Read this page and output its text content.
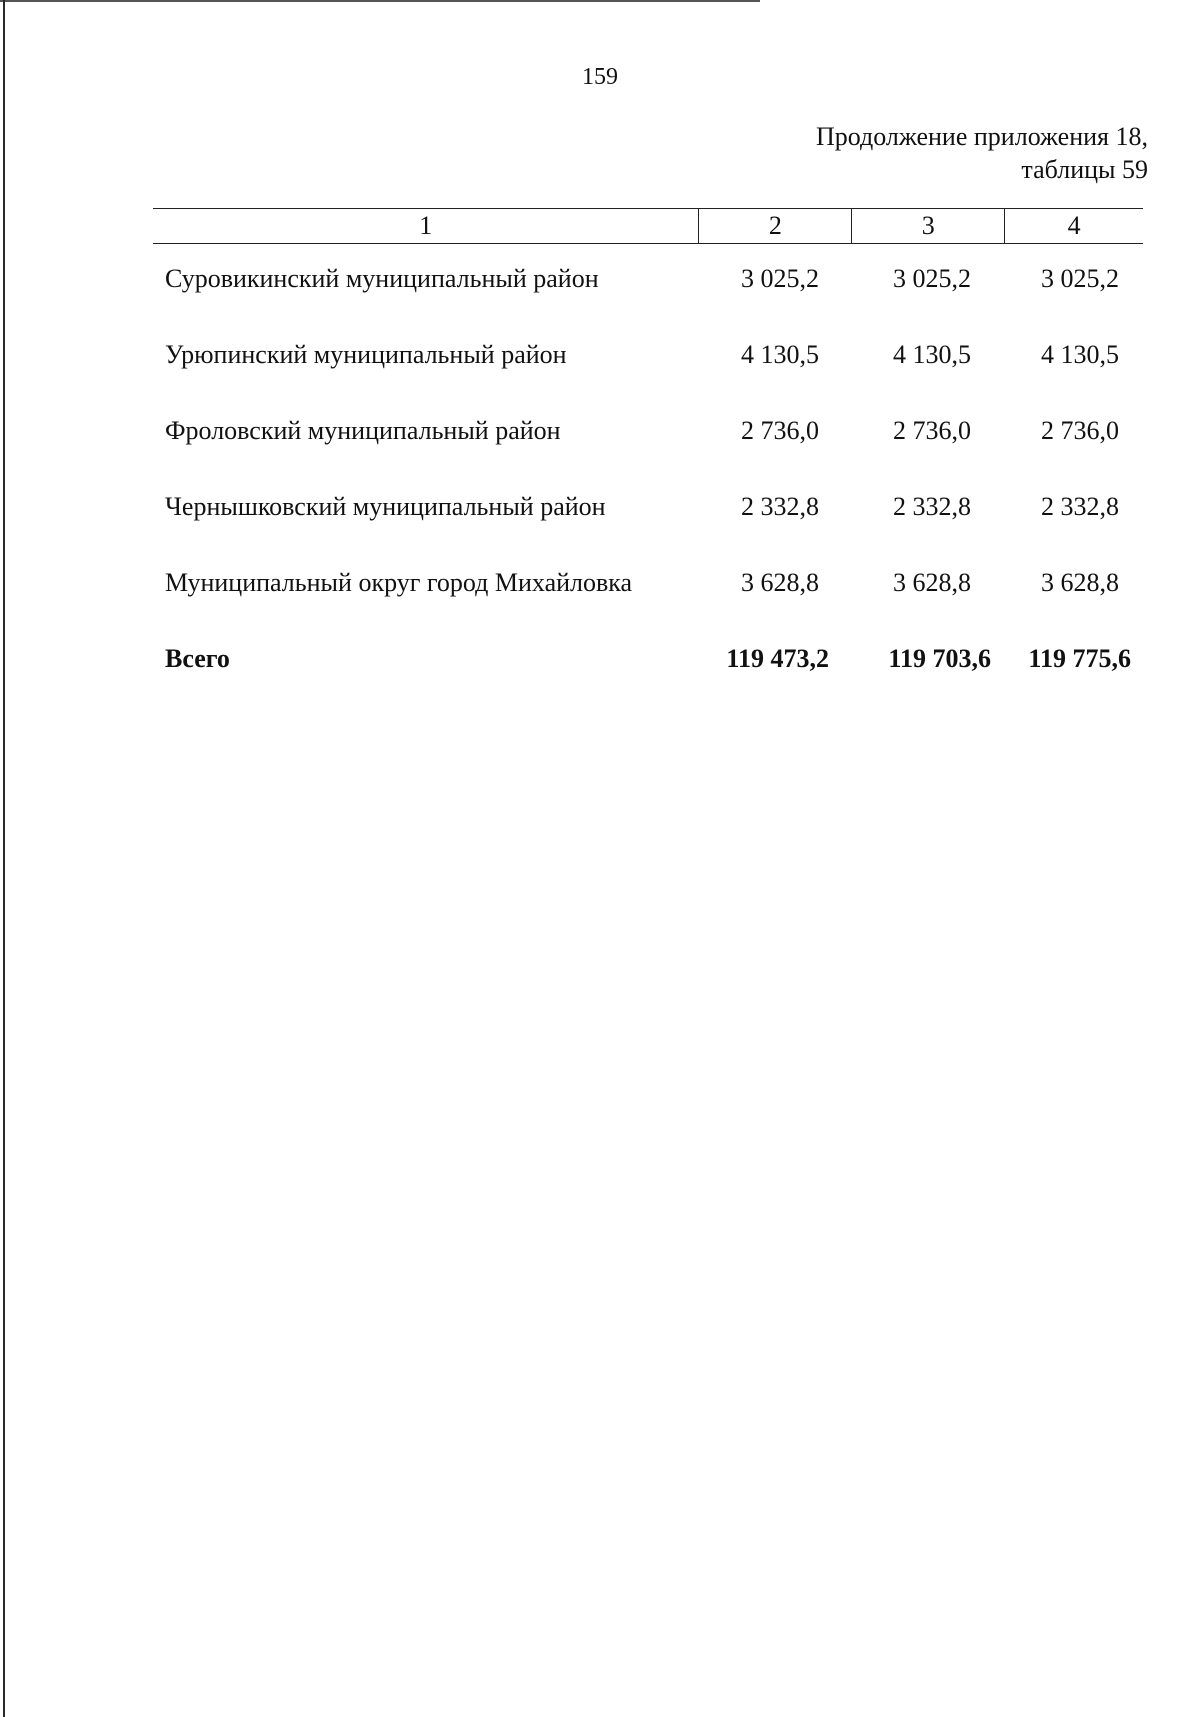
159
Продолжение приложения 18,
таблицы 59
1	2	3	4
Суровикинский муниципальный район	3 025,2	3 025,2	3 025,2
Урюпинский муниципальный район	4 130,5	4 130,5	4 130,5
Фроловский муниципальный район	2 736,0	2 736,0	2 736,0
Чернышковский муниципальный район	2 332,8	2 332,8	2 332,8
Муниципальный округ город Михайловка	3 628,8	3 628,8	3 628,8
Всего	119 473,2	119 703,6	119 775,6
